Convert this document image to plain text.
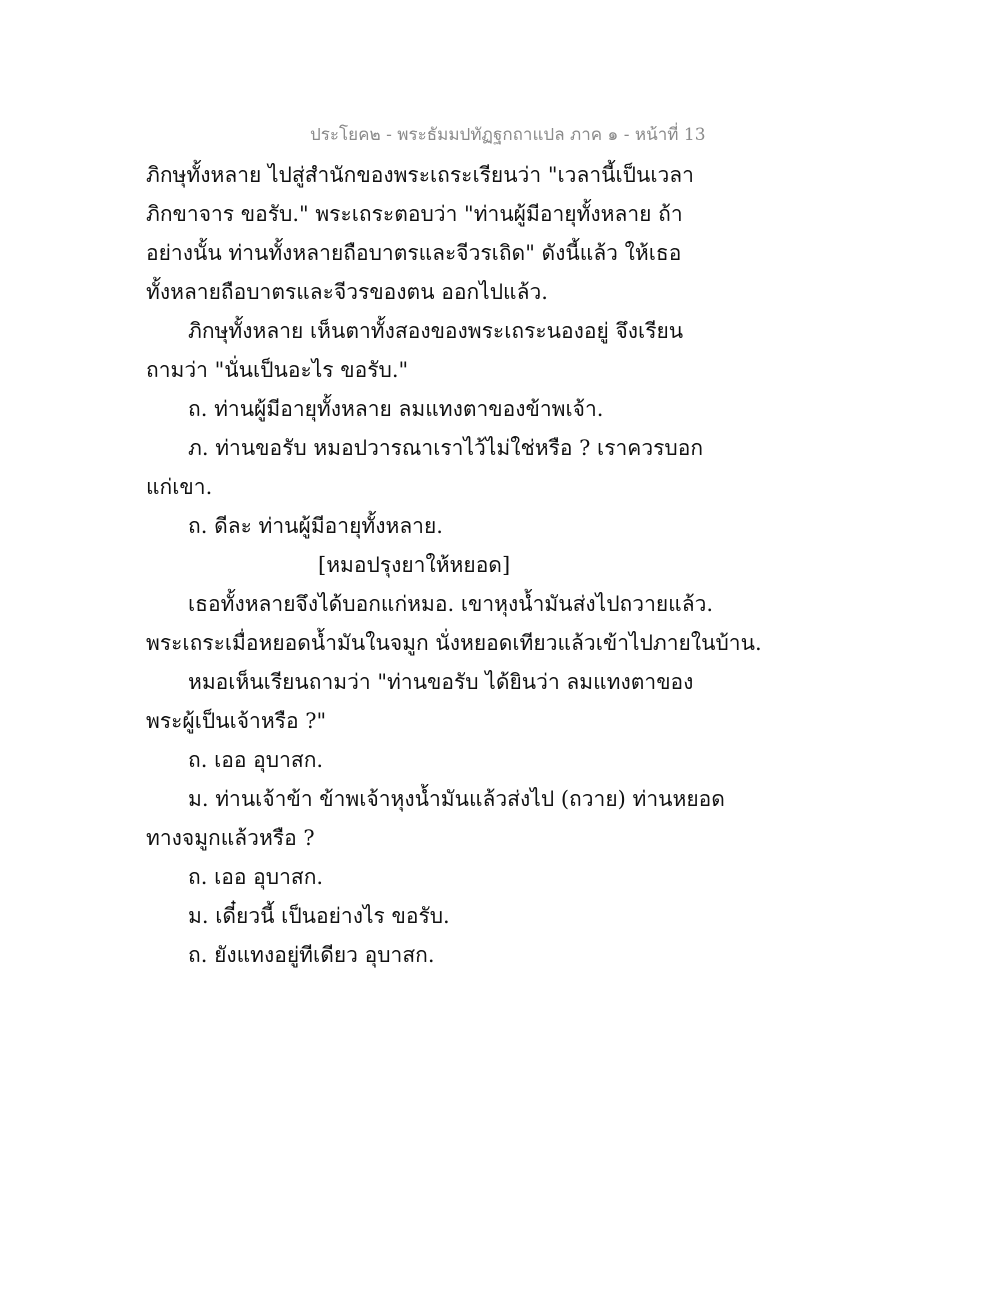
ประโยค๒ - พระธัมมปทัฏฐกถาแปล ภาค ๑ - หน้าที่ 13
ภิกษุทั้งหลาย ไปสู่สำนักของพระเถระเรียนว่า "เวลานี้เป็นเวลา
ภิกขาจาร ขอรับ." พระเถระตอบว่า "ท่านผู้มีอายุทั้งหลาย ถ้า
อย่างนั้น ท่านทั้งหลายถือบาตรและจีวรเถิด" ดังนี้แล้ว ให้เธอ
ทั้งหลายถือบาตรและจีวรของตน ออกไปแล้ว.
ภิกษุทั้งหลาย เห็นตาทั้งสองของพระเถระนองอยู่ จึงเรียน
ถามว่า "นั่นเป็นอะไร ขอรับ."
ถ. ท่านผู้มีอายุทั้งหลาย ลมแทงตาของข้าพเจ้า.
ภ. ท่านขอรับ หมอปวารณาเราไว้ไม่ใช่หรือ ? เราควรบอก
แก่เขา.
ถ. ดีละ ท่านผู้มีอายุทั้งหลาย.
[หมอปรุงยาให้หยอด]
เธอทั้งหลายจึงได้บอกแก่หมอ. เขาหุงน้ำมันส่งไปถวายแล้ว.
พระเถระเมื่อหยอดน้ำมันในจมูก นั่งหยอดเทียวแล้วเข้าไปภายในบ้าน.
หมอเห็นเรียนถามว่า "ท่านขอรับ ได้ยินว่า ลมแทงตาของ
พระผู้เป็นเจ้าหรือ ?"
ถ. เออ อุบาสก.
ม. ท่านเจ้าข้า ข้าพเจ้าหุงน้ำมันแล้วส่งไป (ถวาย) ท่านหยอด
ทางจมูกแล้วหรือ ?
ถ. เออ อุบาสก.
ม. เดี๋ยวนี้ เป็นอย่างไร ขอรับ.
ถ. ยังแทงอยู่ทีเดียว อุบาสก.
